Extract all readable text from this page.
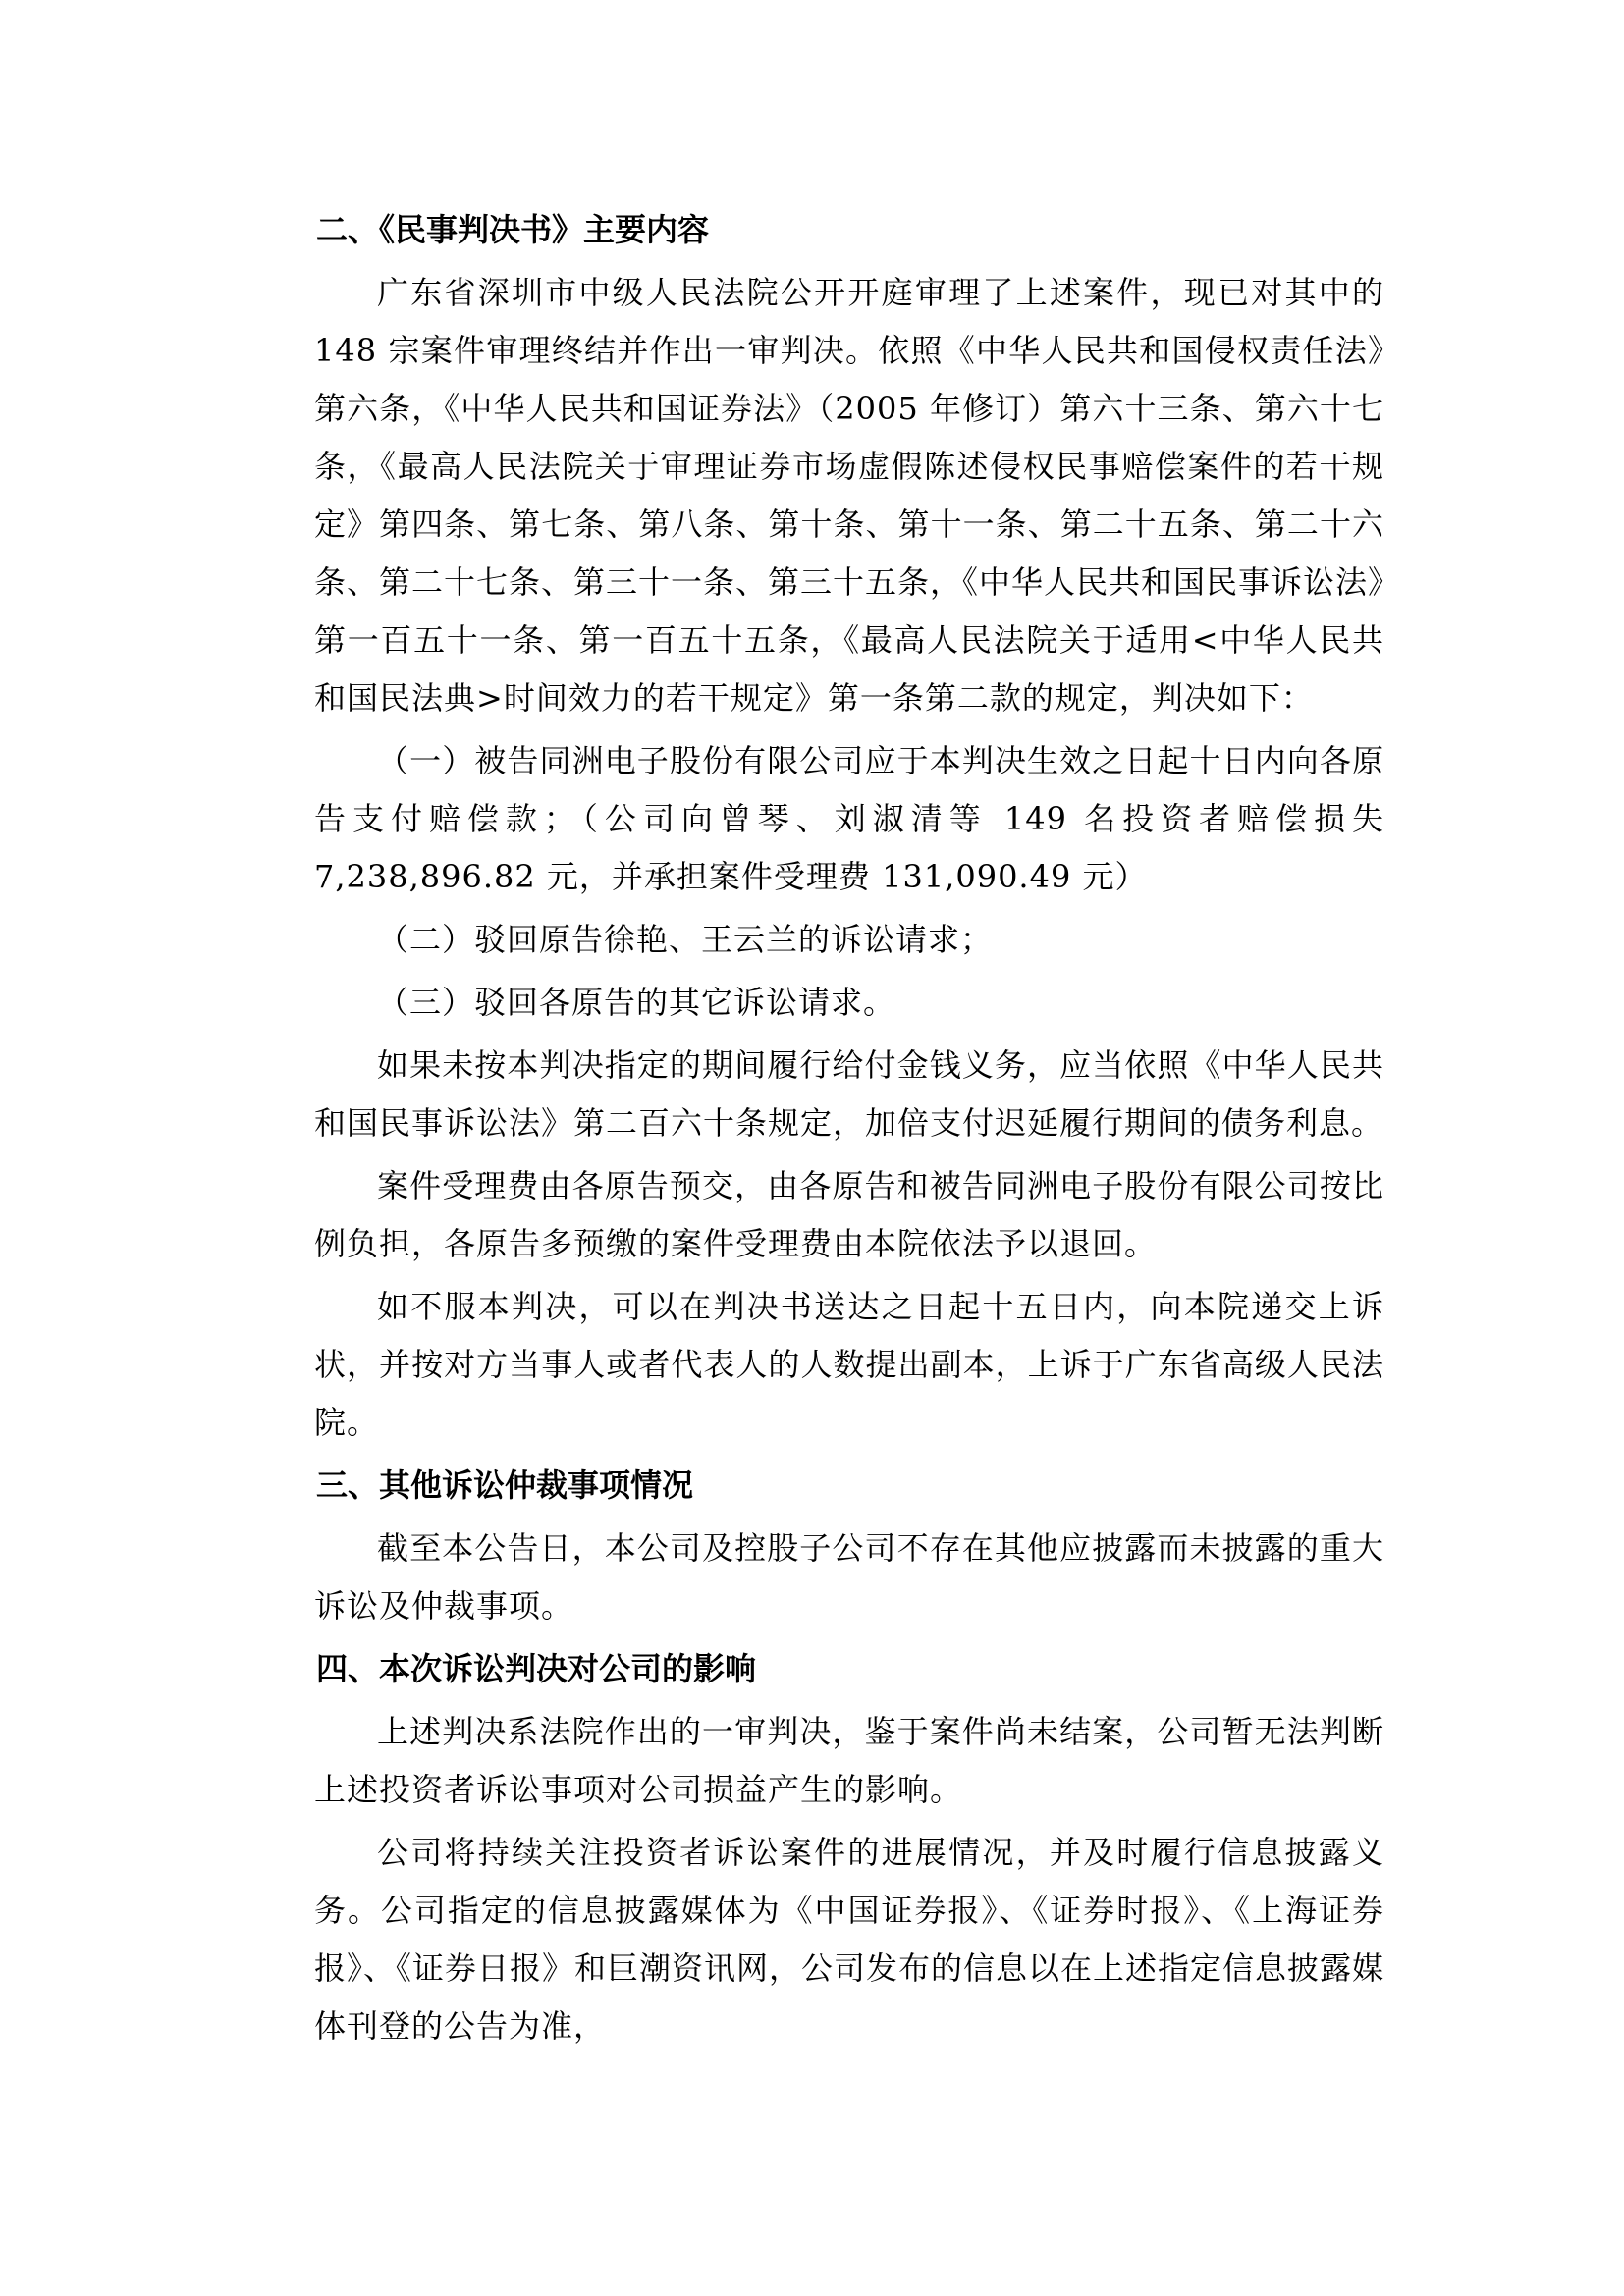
二、《民事判决书》主要内容

广东省深圳市中级人民法院公开开庭审理了上述案件，现已对其中的 148 宗案件审理终结并作出一审判决。依照《中华人民共和国侵权责任法》第六条，《中华人民共和国证券法》（2005 年修订）第六十三条、第六十七条，《最高人民法院关于审理证券市场虚假陈述侵权民事赔偿案件的若干规定》第四条、第七条、第八条、第十条、第十一条、第二十五条、第二十六条、第二十七条、第三十一条、第三十五条，《中华人民共和国民事诉讼法》第一百五十一条、第一百五十五条，《最高人民法院关于适用<中华人民共和国民法典>时间效力的若干规定》第一条第二款的规定，判决如下：

（一）被告同洲电子股份有限公司应于本判决生效之日起十日内向各原告支付赔偿款；（公司向曾琴、刘淑清等 149 名投资者赔偿损失 7,238,896.82 元，并承担案件受理费 131,090.49 元）

（二）驳回原告徐艳、王云兰的诉讼请求；

（三）驳回各原告的其它诉讼请求。

如果未按本判决指定的期间履行给付金钱义务，应当依照《中华人民共和国民事诉讼法》第二百六十条规定，加倍支付迟延履行期间的债务利息。

案件受理费由各原告预交，由各原告和被告同洲电子股份有限公司按比例负担，各原告多预缴的案件受理费由本院依法予以退回。

如不服本判决，可以在判决书送达之日起十五日内，向本院递交上诉状，并按对方当事人或者代表人的人数提出副本，上诉于广东省高级人民法院。

三、其他诉讼仲裁事项情况

截至本公告日，本公司及控股子公司不存在其他应披露而未披露的重大诉讼及仲裁事项。

四、本次诉讼判决对公司的影响

上述判决系法院作出的一审判决，鉴于案件尚未结案，公司暂无法判断上述投资者诉讼事项对公司损益产生的影响。

公司将持续关注投资者诉讼案件的进展情况，并及时履行信息披露义务。公司指定的信息披露媒体为《中国证券报》、《证券时报》、《上海证券报》、《证券日报》和巨潮资讯网，公司发布的信息以在上述指定信息披露媒体刊登的公告为准，
